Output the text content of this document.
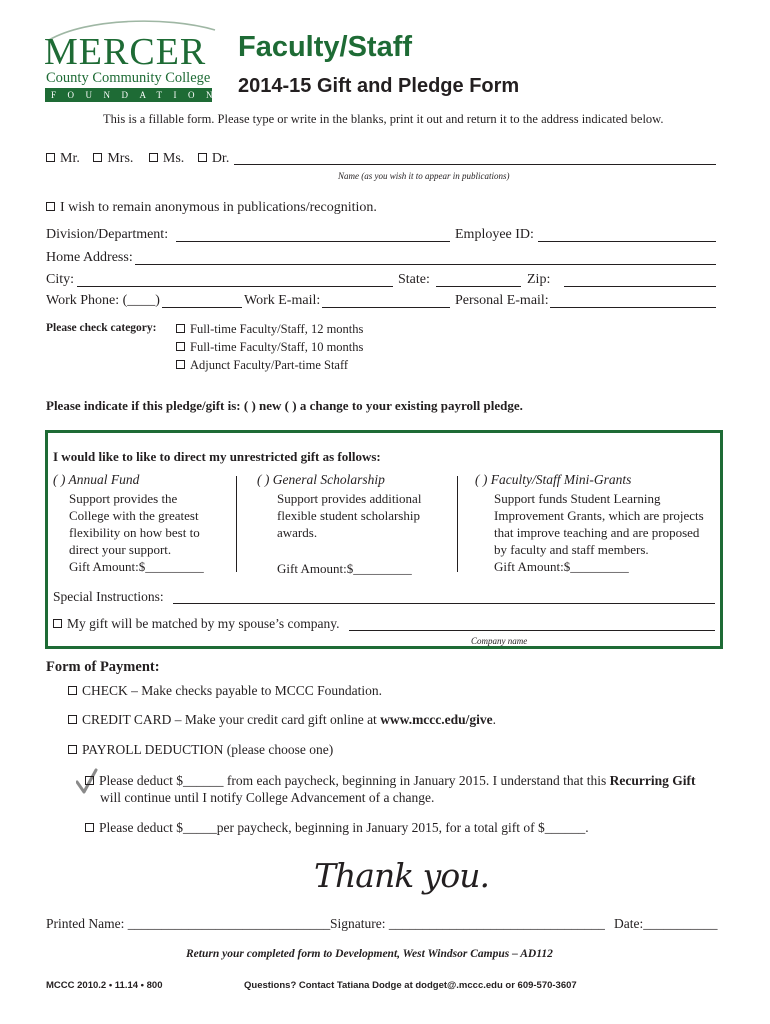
MERCER
County Community College
FOUNDATION
Faculty/Staff
2014-15 Gift and Pledge Form
This is a fillable form. Please type or write in the blanks, print it out and return it to the address indicated below.
Mr. Mrs. Ms. Dr.
Name (as you wish it to appear in publications)
I wish to remain anonymous in publications/recognition.
Division/Department:	Employee ID:
Home Address:
City:	State:	Zip:
Work Phone: (____)	Work E-mail:	Personal E-mail:
Please check category:	Full-time Faculty/Staff, 12 months
Full-time Faculty/Staff, 10 months
Adjunct Faculty/Part-time Staff
Please indicate if this pledge/gift is: ( ) new ( ) a change to your existing payroll pledge.
I would like to like to direct my unrestricted gift as follows:
( ) Annual Fund
Support provides the
College with the greatest
flexibility on how best to
direct your support.
Gift Amount:$_________
( ) General Scholarship
Support provides additional
flexible student scholarship
awards.
Gift Amount:$_________
( ) Faculty/Staff Mini-Grants
Support funds Student Learning
Improvement Grants, which are projects
that improve teaching and are proposed
by faculty and staff members.
Gift Amount:$_________
Special Instructions:
My gift will be matched by my spouse’s company.
Company name
Form of Payment:
CHECK – Make checks payable to MCCC Foundation.
CREDIT CARD – Make your credit card gift online at www.mccc.edu/give.
PAYROLL DEDUCTION (please choose one)
Please deduct $______ from each paycheck, beginning in January 2015. I understand that this Recurring Gift
will continue until I notify College Advancement of a change.
Please deduct $_____per paycheck, beginning in January 2015, for a total gift of $______.
Thank you.
Printed Name: ______________________________ Signature: ________________________________ Date:___________
Return your completed form to Development, West Windsor Campus – AD112
MCCC 2010.2 • 11.14 • 800	Questions? Contact Tatiana Dodge at dodget@.mccc.edu or 609-570-3607
